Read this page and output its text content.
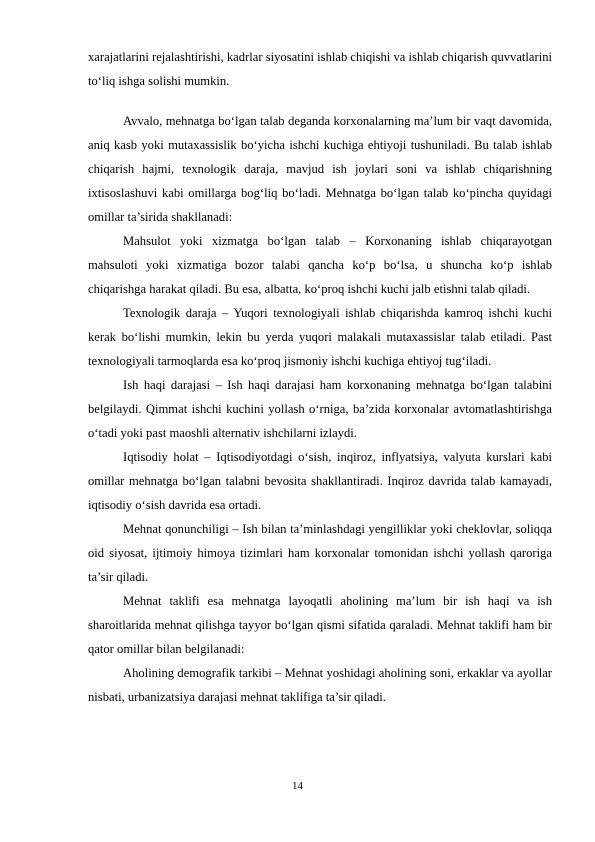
xarajatlarini rejalashtirishi, kadrlar siyosatini ishlab chiqishi va ishlab chiqarish quvvatlarini to‘liq ishga solishi mumkin.

Avvalo, mehnatga bo‘lgan talab deganda korxonalarning ma’lum bir vaqt davomida, aniq kasb yoki mutaxassislik bo‘yicha ishchi kuchiga ehtiyoji tushuniladi. Bu talab ishlab chiqarish hajmi, texnologik daraja, mavjud ish joylari soni va ishlab chiqarishning ixtisoslashuvi kabi omillarga bog‘liq bo‘ladi. Mehnatga bo‘lgan talab ko‘pincha quyidagi omillar ta’sirida shakllanadi:

Mahsulot yoki xizmatga bo‘lgan talab – Korxonaning ishlab chiqarayotgan mahsuloti yoki xizmatiga bozor talabi qancha ko‘p bo‘lsa, u shuncha ko‘p ishlab chiqarishga harakat qiladi. Bu esa, albatta, ko‘proq ishchi kuchi jalb etishni talab qiladi.

Texnologik daraja – Yuqori texnologiyali ishlab chiqarishda kamroq ishchi kuchi kerak bo‘lishi mumkin, lekin bu yerda yuqori malakali mutaxassislar talab etiladi. Past texnologiyali tarmoqlarda esa ko‘proq jismoniy ishchi kuchiga ehtiyoj tug‘iladi.

Ish haqi darajasi – Ish haqi darajasi ham korxonaning mehnatga bo‘lgan talabini belgilaydi. Qimmat ishchi kuchini yollash o‘rniga, ba’zida korxonalar avtomatlashtirishga o‘tadi yoki past maoshli alternativ ishchilarni izlaydi.

Iqtisodiy holat – Iqtisodiyotdagi o‘sish, inqiroz, inflyatsiya, valyuta kurslari kabi omillar mehnatga bo‘lgan talabni bevosita shakllantiradi. Inqiroz davrida talab kamayadi, iqtisodiy o‘sish davrida esa ortadi.

Mehnat qonunchiligi – Ish bilan ta’minlashdagi yengilliklar yoki cheklovlar, soliqqa oid siyosat, ijtimoiy himoya tizimlari ham korxonalar tomonidan ishchi yollash qaroriga ta’sir qiladi.

Mehnat taklifi esa mehnatga layoqatli aholining ma’lum bir ish haqi va ish sharoitlarida mehnat qilishga tayyor bo‘lgan qismi sifatida qaraladi. Mehnat taklifi ham bir qator omillar bilan belgilanadi:

Aholining demografik tarkibi – Mehnat yoshidagi aholining soni, erkaklar va ayollar nisbati, urbanizatsiya darajasi mehnat taklifiga ta’sir qiladi.

14
